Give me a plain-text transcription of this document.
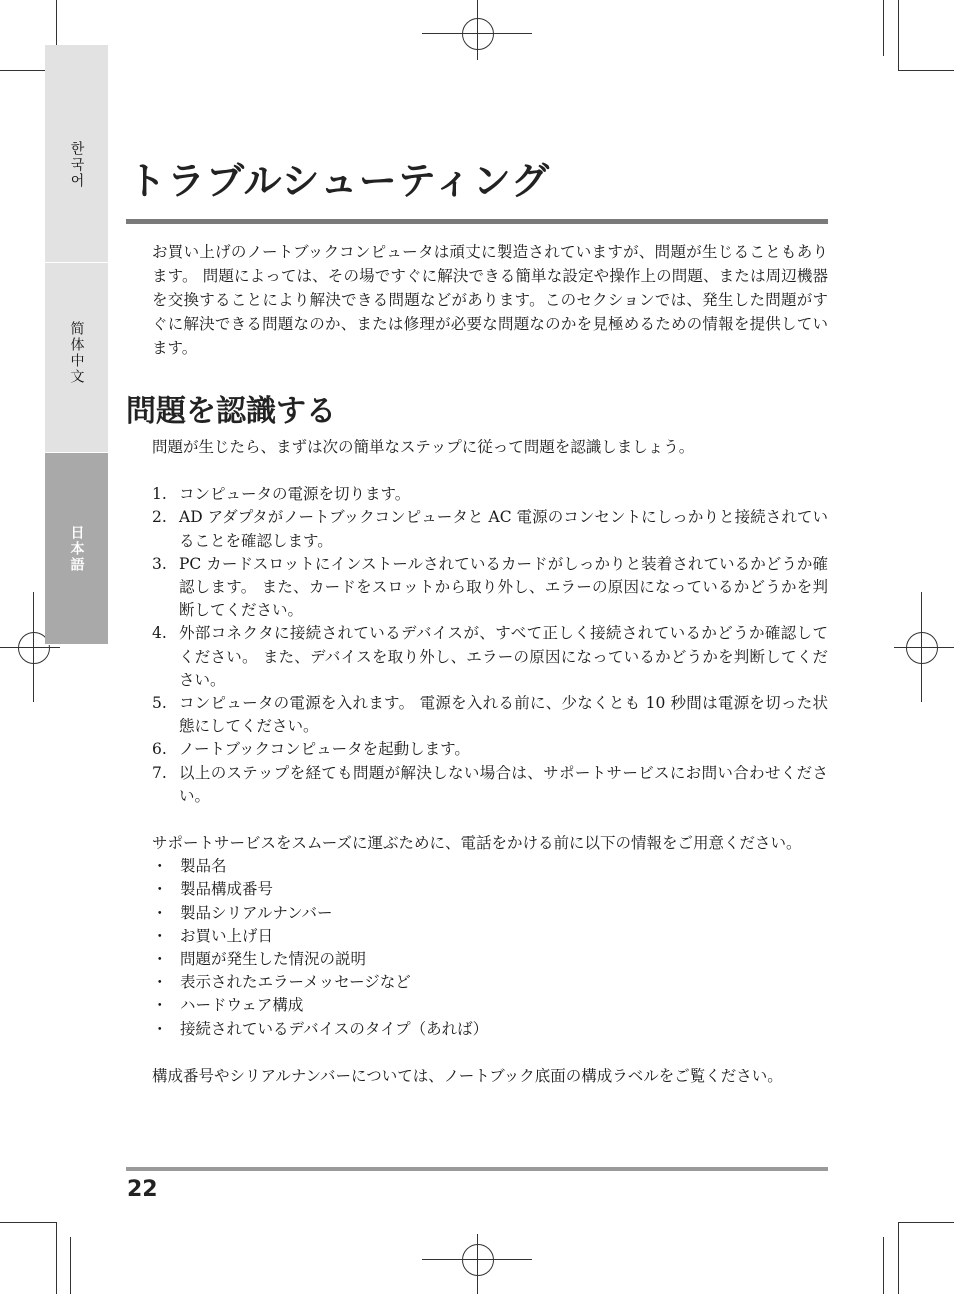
한국어
简体中文
日本語
トラブルシューティング

お買い上げのノートブックコンピュータは頑丈に製造されていますが、問題が生じることもあります。 問題によっては、その場ですぐに解決できる簡単な設定や操作上の問題、または周辺機器を交換することにより解決できる問題などがあります。このセクションでは、発生した問題がすぐに解決できる問題なのか、または修理が必要な問題なのかを見極めるための情報を提供しています。

問題を認識する

問題が生じたら、まずは次の簡単なステップに従って問題を認識しましょう。

1. コンピュータの電源を切ります。
2. AD アダプタがノートブックコンピュータと AC 電源のコンセントにしっかりと接続されていることを確認します。
3. PC カードスロットにインストールされているカードがしっかりと装着されているかどうか確認します。 また、カードをスロットから取り外し、エラーの原因になっているかどうかを判断してください。
4. 外部コネクタに接続されているデバイスが、すべて正しく接続されているかどうか確認してください。 また、デバイスを取り外し、エラーの原因になっているかどうかを判断してください。
5. コンピュータの電源を入れます。 電源を入れる前に、少なくとも 10 秒間は電源を切った状態にしてください。
6. ノートブックコンピュータを起動します。
7. 以上のステップを経ても問題が解決しない場合は、サポートサービスにお問い合わせください。

サポートサービスをスムーズに運ぶために、電話をかける前に以下の情報をご用意ください。

・ 製品名
・ 製品構成番号
・ 製品シリアルナンバー
・ お買い上げ日
・ 問題が発生した情況の説明
・ 表示されたエラーメッセージなど
・ ハードウェア構成
・ 接続されているデバイスのタイプ（あれば）

構成番号やシリアルナンバーについては、ノートブック底面の構成ラベルをご覧ください。

22
